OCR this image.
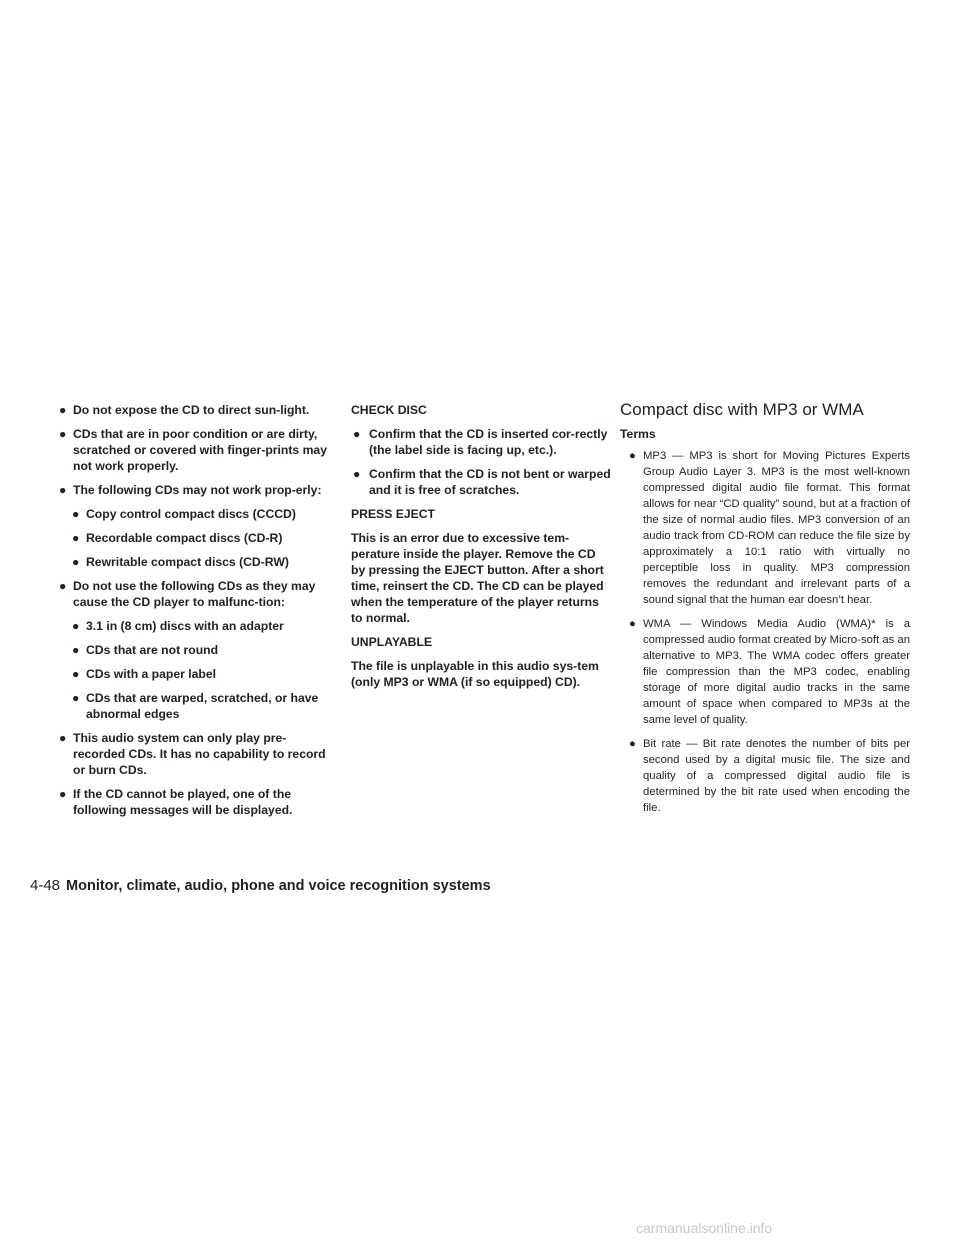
● Do not expose the CD to direct sun-light.
● CDs that are in poor condition or are dirty, scratched or covered with finger-prints may not work properly.
● The following CDs may not work prop-erly:
● Copy control compact discs (CCCD)
● Recordable compact discs (CD-R)
● Rewritable compact discs (CD-RW)
● Do not use the following CDs as they may cause the CD player to malfunc-tion:
● 3.1 in (8 cm) discs with an adapter
● CDs that are not round
● CDs with a paper label
● CDs that are warped, scratched, or have abnormal edges
● This audio system can only play pre-recorded CDs. It has no capability to record or burn CDs.
● If the CD cannot be played, one of the following messages will be displayed.
CHECK DISC
● Confirm that the CD is inserted cor-rectly (the label side is facing up, etc.).
● Confirm that the CD is not bent or warped and it is free of scratches.
PRESS EJECT
This is an error due to excessive tem-perature inside the player. Remove the CD by pressing the EJECT button. After a short time, reinsert the CD. The CD can be played when the temperature of the player returns to normal.
UNPLAYABLE
The file is unplayable in this audio sys-tem (only MP3 or WMA (if so equipped) CD).
Compact disc with MP3 or WMA
Terms
● MP3 — MP3 is short for Moving Pictures Experts Group Audio Layer 3. MP3 is the most well-known compressed digital audio file format. This format allows for near “CD quality” sound, but at a fraction of the size of normal audio files. MP3 conversion of an audio track from CD-ROM can reduce the file size by approximately a 10:1 ratio with virtually no perceptible loss in quality. MP3 compression removes the redundant and irrelevant parts of a sound signal that the human ear doesn’t hear.
● WMA — Windows Media Audio (WMA)* is a compressed audio format created by Micro-soft as an alternative to MP3. The WMA codec offers greater file compression than the MP3 codec, enabling storage of more digital audio tracks in the same amount of space when compared to MP3s at the same level of quality.
● Bit rate — Bit rate denotes the number of bits per second used by a digital music file. The size and quality of a compressed digital audio file is determined by the bit rate used when encoding the file.
4-48 Monitor, climate, audio, phone and voice recognition systems
carmanualsonline.info
